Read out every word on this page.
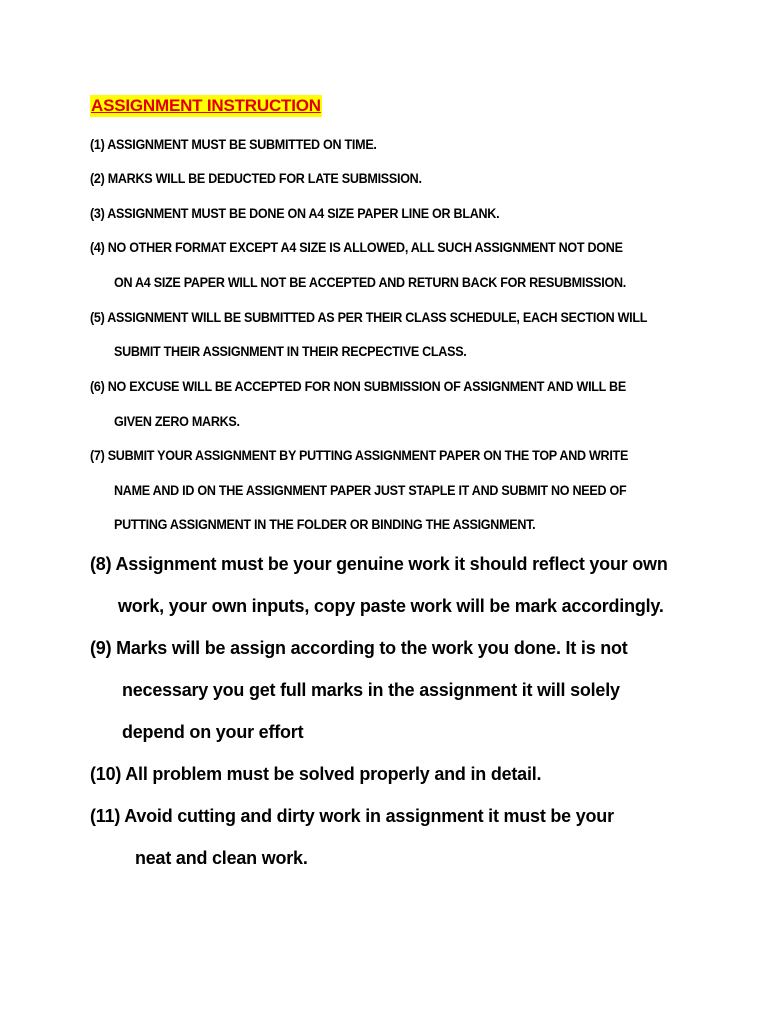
ASSIGNMENT INSTRUCTION
(1) ASSIGNMENT MUST BE SUBMITTED ON TIME.
(2) MARKS WILL BE DEDUCTED FOR LATE SUBMISSION.
(3) ASSIGNMENT MUST BE DONE ON A4 SIZE PAPER LINE OR BLANK.
(4) NO OTHER FORMAT EXCEPT A4 SIZE IS ALLOWED, ALL SUCH ASSIGNMENT NOT DONE
ON A4 SIZE PAPER WILL NOT BE ACCEPTED AND RETURN BACK FOR RESUBMISSION.
(5) ASSIGNMENT WILL BE SUBMITTED AS PER THEIR CLASS SCHEDULE, EACH SECTION WILL
SUBMIT THEIR ASSIGNMENT IN THEIR RECPECTIVE CLASS.
(6) NO EXCUSE WILL BE ACCEPTED FOR NON SUBMISSION OF ASSIGNMENT AND WILL BE
GIVEN ZERO MARKS.
(7) SUBMIT YOUR ASSIGNMENT BY PUTTING ASSIGNMENT PAPER ON THE TOP AND WRITE
NAME AND ID ON THE ASSIGNMENT PAPER JUST STAPLE IT AND SUBMIT NO NEED OF
PUTTING ASSIGNMENT IN THE FOLDER OR BINDING THE ASSIGNMENT.
(8) Assignment must be your genuine work it should reflect your own
work, your own inputs, copy paste work will be mark accordingly.
(9) Marks will be assign according to the work you done. It is not
necessary you get full marks in the assignment it will solely
depend on your effort
(10) All problem must be solved properly and in detail.
(11) Avoid cutting and dirty work in assignment it must be your
neat and clean work.
